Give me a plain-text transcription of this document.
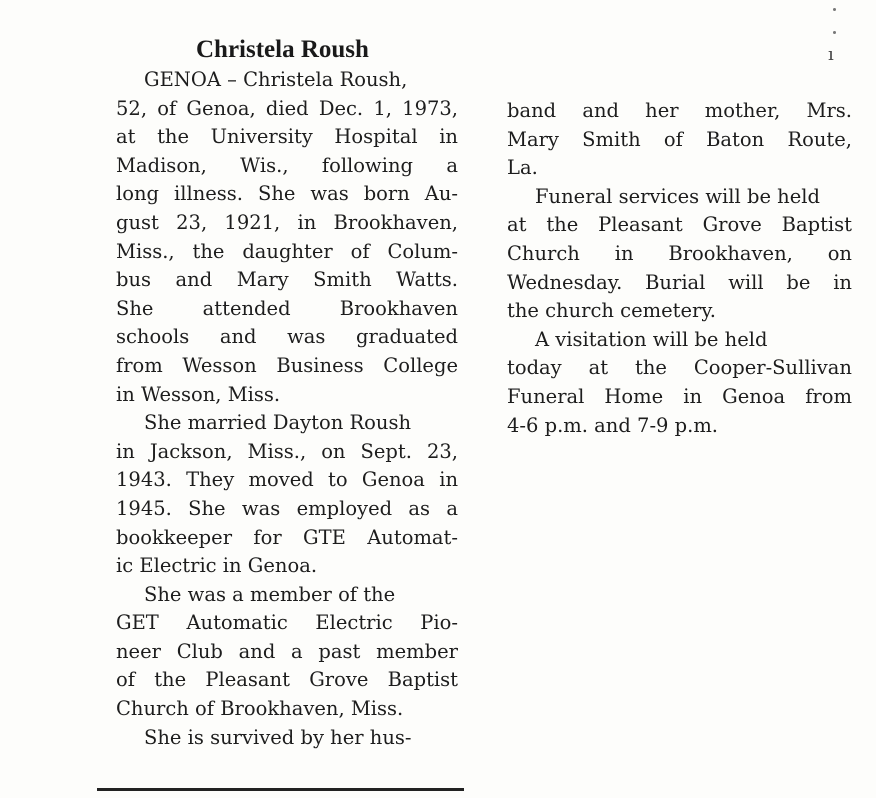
Christela Roush	ı
GENOA – Christela Roush,
52, of Genoa, died Dec. 1, 1973,
at the University Hospital in
Madison, Wis., following a
long illness. She was born Au-
gust 23, 1921, in Brookhaven,
Miss., the daughter of Colum-
bus and Mary Smith Watts.
She attended Brookhaven
schools and was graduated
from Wesson Business College
in Wesson, Miss.
She married Dayton Roush
in Jackson, Miss., on Sept. 23,
1943. They moved to Genoa in
1945. She was employed as a
bookkeeper for GTE Automat-
ic Electric in Genoa.
She was a member of the
GET Automatic Electric Pio-
neer Club and a past member
of the Pleasant Grove Baptist
Church of Brookhaven, Miss.
She is survived by her hus-
band and her mother, Mrs.
Mary Smith of Baton Route,
La.
Funeral services will be held
at the Pleasant Grove Baptist
Church in Brookhaven, on
Wednesday. Burial will be in
the church cemetery.
A visitation will be held
today at the Cooper-Sullivan
Funeral Home in Genoa from
4-6 p.m. and 7-9 p.m.
